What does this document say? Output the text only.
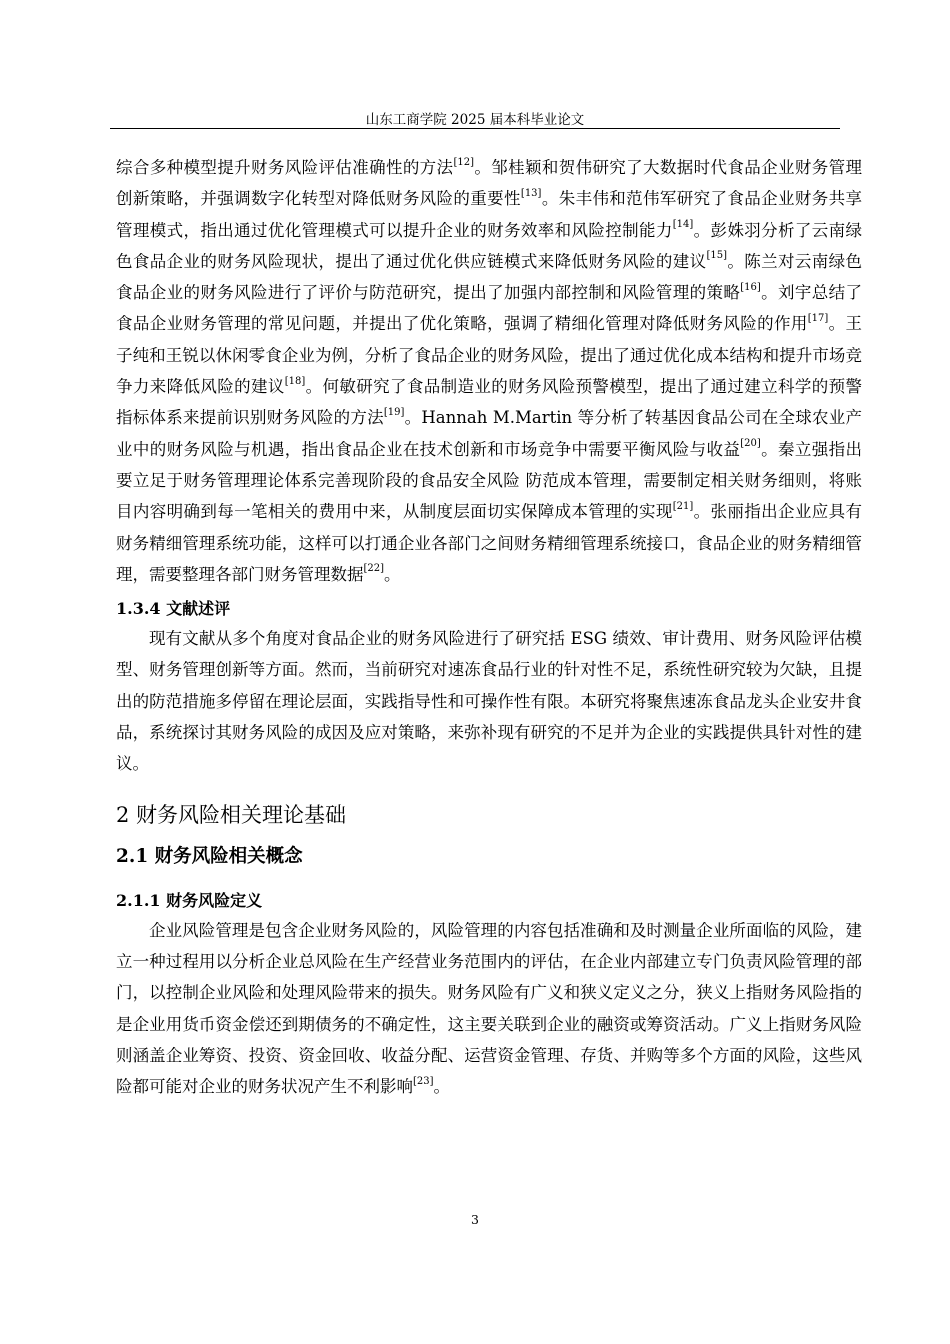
山东工商学院 2025 届本科毕业论文

综合多种模型提升财务风险评估准确性的方法[12]。邹桂颖和贺伟研究了大数据时代食品企业财务管理创新策略，并强调数字化转型对降低财务风险的重要性[13]。朱丰伟和范伟军研究了食品企业财务共享管理模式，指出通过优化管理模式可以提升企业的财务效率和风险控制能力[14]。彭姝羽分析了云南绿色食品企业的财务风险现状，提出了通过优化供应链模式来降低财务风险的建议[15]。陈兰对云南绿色食品企业的财务风险进行了评价与防范研究，提出了加强内部控制和风险管理的策略[16]。刘宇总结了食品企业财务管理的常见问题，并提出了优化策略，强调了精细化管理对降低财务风险的作用[17]。王子纯和王锐以休闲零食企业为例，分析了食品企业的财务风险，提出了通过优化成本结构和提升市场竞争力来降低风险的建议[18]。何敏研究了食品制造业的财务风险预警模型，提出了通过建立科学的预警指标体系来提前识别财务风险的方法[19]。Hannah M.Martin 等分析了转基因食品公司在全球农业产业中的财务风险与机遇，指出食品企业在技术创新和市场竞争中需要平衡风险与收益[20]。秦立强指出要立足于财务管理理论体系完善现阶段的食品安全风险 防范成本管理，需要制定相关财务细则，将账目内容明确到每一笔相关的费用中来，从制度层面切实保障成本管理的实现[21]。张丽指出企业应具有财务精细管理系统功能，这样可以打通企业各部门之间财务精细管理系统接口，食品企业的财务精细管理，需要整理各部门财务管理数据[22]。

1.3.4 文献述评

现有文献从多个角度对食品企业的财务风险进行了研究括 ESG 绩效、审计费用、财务风险评估模型、财务管理创新等方面。然而，当前研究对速冻食品行业的针对性不足，系统性研究较为欠缺，且提出的防范措施多停留在理论层面，实践指导性和可操作性有限。本研究将聚焦速冻食品龙头企业安井食品，系统探讨其财务风险的成因及应对策略，来弥补现有研究的不足并为企业的实践提供具针对性的建议。

2 财务风险相关理论基础
2.1 财务风险相关概念
2.1.1 财务风险定义

企业风险管理是包含企业财务风险的，风险管理的内容包括准确和及时测量企业所面临的风险，建立一种过程用以分析企业总风险在生产经营业务范围内的评估，在企业内部建立专门负责风险管理的部门，以控制企业风险和处理风险带来的损失。财务风险有广义和狭义定义之分，狭义上指财务风险指的是企业用货币资金偿还到期债务的不确定性，这主要关联到企业的融资或筹资活动。广义上指财务风险则涵盖企业筹资、投资、资金回收、收益分配、运营资金管理、存货、并购等多个方面的风险，这些风险都可能对企业的财务状况产生不利影响[23]。

3
